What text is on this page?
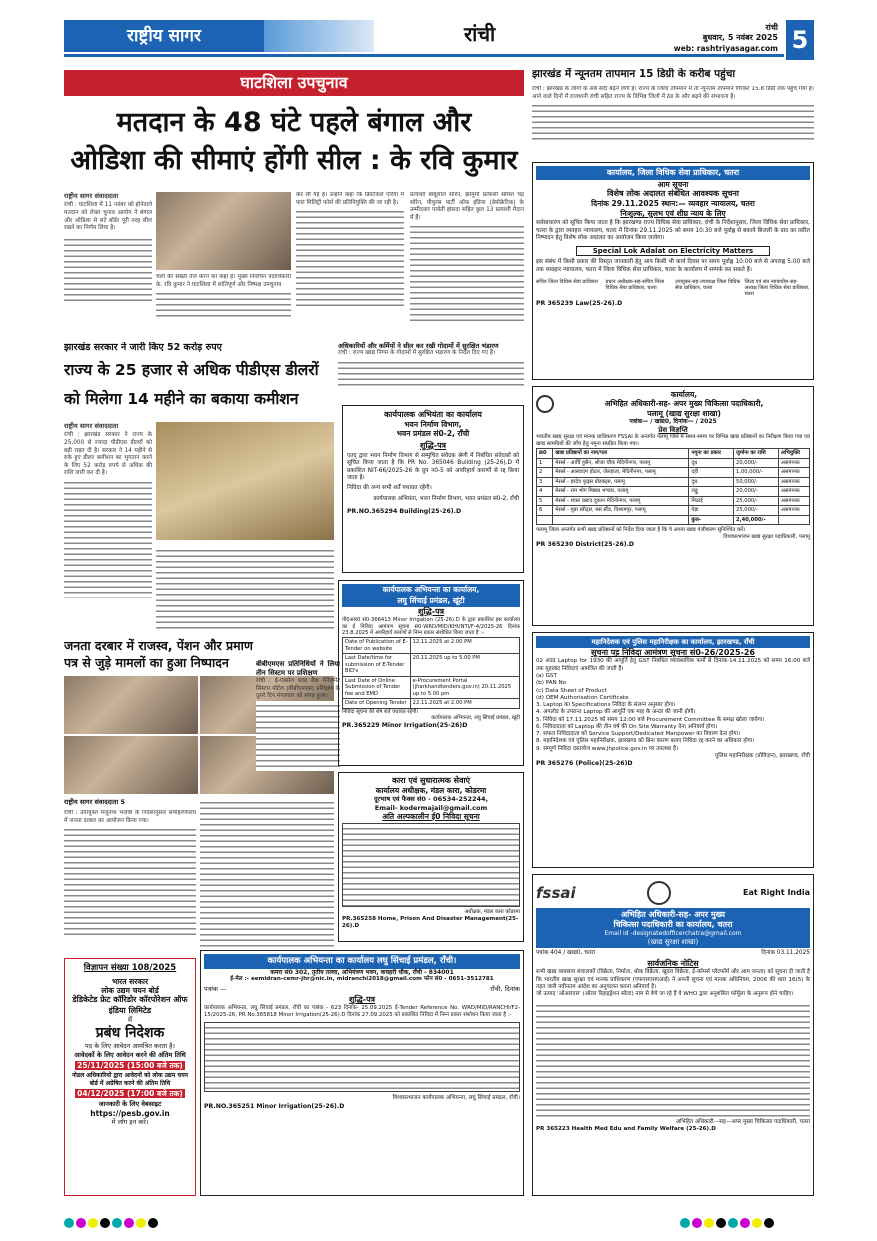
राष्ट्रीय सागर	रांची	रांची
बुधवार, 5 नवंबर 2025
web: rashtriyasagar.com 5
घाटशिला उपचुनाव
मतदान के 48 घंटे पहले बंगाल और
ओडिशा की सीमाएं होंगी सील : के रवि कुमार
राष्ट्रीय सागर संवाददाता
रांची : घाटशिला में 11 नवंबर को होनेवाले मतदान को लेकर चुनाव आयोग ने बंगाल और ओडिशा से सटे बॉर्डर पूरी तरह सील रखने का निर्णय लिया है।
चलों की सख्ती तेज करने को कहा है। मुख्य निर्वाचन पदाधिकारी के. रवि कुमार ने घाटशिला में शांतिपूर्ण और निष्पक्ष उपचुनाव
कर ली गई हैं। उन्होंने कहा कि क्रिटिकल एरिया में पारा मिलिट्री फोर्स की प्रतिनियुक्ति की जा रही है।
प्रत्याशी बाबूलाल सोरेन, झामुमो प्रत्याशी सोमेश चंद्र सोरेन, पीपुल्स पार्टी ऑफ इंडिया (डेमोक्रेटिक) के उम्मीदवार पार्वती हांसदा सहित कुल 13 प्रत्याशी मैदान में हैं।
झारखंड सरकार ने जारी किए 52 करोड़ रुपए
राज्य के 25 हजार से अधिक पीडीएस डीलरों
को मिलेगा 14 महीने का बकाया कमीशन
राष्ट्रीय सागर संवाददाता
रांची : झारखंड सरकार ने राज्य के 25,000 से ज्यादा पीडीएस डीलरों को बड़ी राहत दी है। सरकार ने 14 महीने से रुके हुए डीलर कमीशन का भुगतान करने के लिए 52 करोड़ रुपये से अधिक की राशि जारी कर दी है।
अधिकारियों और कर्मियों ने सील कर रखी गोदामों में सुरक्षित भंडारण
रांची : राज्य खाद्य निगम के गोदामों में सुरक्षित भंडारण के निर्देश दिए गए हैं।
कार्यपालक अभियंता का कार्यालय
भवन निर्माण विभाग,
भवन प्रमंडल सं0-2, राँची
शुद्धि-पत्र
एतद् द्वारा भवन निर्माण विभाग से सम्मुचित संवेदक श्रेणी में निबंधित संवेदकों को सूचित किया जाता है कि PR No. 365046 Building (25-26).D में प्रकाशित NIT-66/2025-26 के ग्रुप न0-5 को अपरिहार्य कारणों से रद्द किया जाता है।
निविदा की अन्य सभी शर्तें यथावत रहेंगी।
कार्यपालक अभियंता, भवन निर्माण विभाग, भवन प्रमंडल सं0-2, राँची
PR.NO.365294 Building(25-26).D
जनता दरबार में राजस्व, पेंशन और प्रमाण
पत्र से जुड़े मामलों का हुआ निष्पादन
राष्ट्रीय सागर संवाददाता 5
रांची : उपायुक्त मंजूनाथ भजंत्री के निर्देशानुसार समाहरणालय में जनता दरबार का आयोजन किया गया।
बीबीएमएस प्रतिनिधियों ने लिया तीन सिस्टम पर प्रशिक्षण
रांची : ई-एक्सेल ब्लड बैंक मैनेजमेंट सिस्टम पोर्टल (बीबीएमएस) प्रशिक्षण के दूसरे दिन मंगलवार को संपन्न हुआ।
कार्यपालक अभियन्ता का कार्यालय,
लघु सिंचाई प्रमंडल, खूंटी
शुद्धि-पत्र
पी0आर0 सं0-366413 Minor Irrigation (25-26).D के द्वारा प्रकाशित इस कार्यालय का ई निविदा आमंत्रण सूचना सं0-WRD/MID/KHUNTI/F-4/2025-26 दिनांक 23.8.2025 में अपरिहार्य कारणों से निम्न प्रकार संशोधित किया जाता है :-
Date of Publication of E-Tender on website	12.11.2025 at 2.00 PM
Last Date/time for submission of E-Tender BID's	20.11.2025 up to 5.00 PM
Last Date of Online Submission of Tender fee and EMD	e-Procurement Portal (jharkhandtenders.gov.in) 20.11.2025 up to 5.00 pm
Date of Opening Tender	22.11.2025 at 2.00 PM
निविदा सूचना की शेष शर्तें यथावत रहेंगी।
कार्यपालक अभियन्ता, लघु सिंचाई प्रमंडल, खूंटी
PR.365229 Minor Irrigation(25-26)D
कारा एवं सुधारात्मक सेवाएं
कार्यालय अधीक्षक, मंडल कारा, कोडरमा
दूरभाष एवं फैक्स सं0 - 06534-252244,
Email- kodermajail@gmail.com
अति अल्पकालीन ई0 निविदा सूचना
अधीक्षक, मंडल कारा कोडरमा
PR.365258 Home, Prison And Disaster Management(25-26).D
विज्ञापन संख्या 108/2025
भारत सरकार
लोक उद्यम चयन बोर्ड
डेडिकेटेड फ्रेट कॉरिडोर कॉरपोरेशन ऑफ इंडिया लिमिटेड
में
प्रबंध निदेशक
पद के लिए आवेदन आमंत्रित करता है।
आवेदकों के लिए आवेदन करने की अंतिम तिथि
25/11/2025 (15:00 बजे तक)
नोडल अधिकारियों द्वारा आवेदनों को लोक उद्यम चयन बोर्ड में अग्रेषित करने की अंतिम तिथि
04/12/2025 (17:00 बजे तक)
जानकारी के लिए वेबसाइट
https://pesb.gov.in
में लॉग इन करें।
कार्यपालक अभियन्ता का कार्यालय लघु सिंचाई प्रमंडल, राँची।
कमरा सं0 302, तृतीय तल्ला, अभियंत्रण भवन, कचहरी चौक, राँची - 834001
ई-मेल :- eemidran-cemr-jhr@nic.in, midranchi2018@gmail.com फोन सं0 - 0651-3512781
पत्रांक —	राँची, दिनांक
शुद्धि-पत्र
कार्यपालक अभियन्ता, लघु सिंचाई प्रमंडल, राँची का पत्रांक - 623 दिनांक- 25.09.2025 ई-Tender Reference No. WRD/MID/RANCHI/F2-15/2025-26, PR No.365818 Minor Irrigation(25-26).D दिनांक 27.09.2025 को प्रकाशित निविदा में निम्न प्रकार संशोधन किया जाता है :-
विश्वासभाजन कार्यपालक अभियन्ता, लघु सिंचाई प्रमंडल, राँची।
PR.NO.365251 Minor Irrigation(25-26).D
झारखंड में न्यूनतम तापमान 15 डिग्री के करीब पहुंचा
रांची : झारखंड के लोगों के अब सर्दी बढ़ने लगी है। राज्य के जिला तापमान में तो न्यूनतम तापमान गिरकर 15.8 डिग्री तक पहुंच गया है। आने वाले दिनों में राजधानी रांची सहित राज्य के विभिन्न जिलों में ठंड के और बढ़ने की संभावना है।
कार्यालय, जिला विधिक सेवा प्राधिकार, चतरा
आम सूचना
विशेष लोक अदालत संबंधित आवश्यक सूचना
दिनांक 29.11.2025 स्थान:— व्यवहार न्यायालय, चतरा
निःशुल्क, सुलभ एवं शीघ्र न्याय के लिए
सर्वसाधारण को सूचित किया जाता है कि झारखण्ड राज्य विधिक सेवा प्राधिकार, रांची के निर्देशानुसार, जिला विधिक सेवा प्राधिकार, चतरा के द्वारा व्यवहार न्यायालय, चतरा में दिनांक 29.11.2025 को समय 10:30 बजे पूर्वाह्न से बकाये बिजली के वाद का त्वरित निष्पादन हेतु विशेष लोक अदालत का आयोजन किया जायेगा।
Special Lok Adalat on Electricity Matters
इस संबंध में किसी प्रकार की विस्तृत जानकारी हेतु आप किसी भी कार्य दिवस पर समय पूर्वाह्न 10:00 बजे से अपराह्न 5:00 बजे तक व्यवहार न्यायालय, चतरा में जिला विधिक सेवा प्राधिकार, चतरा के कार्यालय में सम्पर्क कर सकते हैं।
सचिव जिला विधिक सेवा प्राधिकार	प्रधान अधीक्षक-सह-सचिव जिला विधिक सेवा प्राधिकार, चतरा
उपायुक्त-सह-उपाध्यक्ष जिला विधिक सेवा प्राधिकार, चतरा
जिला एवं सत्र न्यायाधीश-सह-अध्यक्ष जिला विधिक सेवा प्राधिकार, चतरा
PR 365239 Law(25-26).D
कार्यालय,
अभिहित अधिकारी-सह- अपर मुख्य चिकित्सा पदाधिकारी,
पलामू (खाद्य सुरक्षा शाखा)
पत्रांक— / खाद्य0, दिनांक— / 2025
प्रेस विज्ञप्ति
भारतीय खाद्य सुरक्षा एवं मानक प्राधिकरण FSSAI के अन्तर्गत पलामू जिले में समय-समय पर विभिन्न खाद्य प्रतिष्ठानों का निरीक्षण किया गया एवं खाद्य सामग्रियों की जाँच हेतु नमूना संग्रहित किया गया।
क्र0	खाद्य प्रतिष्ठानों का नाम/पता	नमूना का प्रकार	जुर्माना का राशि	अभियुक्ति
1	मेसर्स - आर्चि हुसैन, श्रीजा चौक मेदिनीनगर, पलामू	दूध	20,000/-	असमानक
2	मेसर्स - आस्वादम होटल, जेलहाता, मेदिनीनगर, पलामू	दही	1,00,000/-	असमानक
3	मेसर्स - हरदेव फूड्स प्रोडक्ट्स, पलामू	दूध	50,000/-	असमानक
4	मेसर्स - राम भोग मिष्ठान्न भण्डार, पलामू	लड्डू	20,000/-	असमानक
5	मेसर्स - शंकर प्रसाद दुकान मेदिनीनगर, पलामू	मिठाई	25,000/-	असमानक
6	मेसर्स - मुन्ना स्वीट्स, बस स्टैंड, विश्रामपुर, पलामू	पेड़ा	25,000/-	असमानक
		कुल-	2,40,000/-	
पलामू जिला अन्तर्गत सभी खाद्य प्रतिष्ठानों को निर्देश दिया जाता है कि वे अपना खाद्य पंजीकरण सुनिश्चित करें।
विश्वासभाजन खाद्य सुरक्षा पदाधिकारी, पलामू
PR 365230 District(25-26).D
महानिदेशक एवं पुलिस महानिरीक्षक का कार्यालय, झारखण्ड, राँची
सूचना पट्ट निविदा आमंत्रण सूचना सं0-26/2025-26
02 अदद Laptop for 1930 की आपूर्ति हेतु GST निबंधित व्यावसायिक फर्मों से दिनांक-14.11.2025 को समय 16:00 बजे तक मुहरबंद निविदाएं आमंत्रित की जाती हैं।
(a) GST
(b) PAN No
(c) Data Sheet of Product
(d) OEM Authorisation Certificate
3. Laptop का Specifications निविदा के संलग्न अनुसार होगा।
4. अपलोड के उपरान्त Laptop की आपूर्ति एक माह के अन्दर की जानी होगी।
5. निविदा को 17.11.2025 को समय 12:00 बजे Procurement Committee के समक्ष खोला जायेगा।
6. निविदादाता को Laptop की तीन वर्ष की On Site Warranty देना अनिवार्य होगा।
7. सफल निविदादाता को Service Support/Dedicated Manpower का विवरण देना होगा।
8. महानिदेशक एवं पुलिस महानिरीक्षक, झारखण्ड को बिना कारण बताए निविदा रद्द करने का अधिकार होगा।
9. सम्पूर्ण निविदा दस्तावेज www.jhpolice.gov.in पर उपलब्ध है।
पुलिस महानिरीक्षक (प्रोविज़न), झारखण्ड, राँची
PR 365276 (Police)(25-26)D
fssai	Eat Right India
अभिहित अधिकारी-सह- अपर मुख्य
चिकित्सा पदाधिकारी का कार्यालय, चतरा
Email id -designatedofficerchatra@gmail.com
(खाद्य सुरक्षा शाखा)
पत्रांक 404 / खाद्य0, चतरा	दिनांक 03.11.2025
सार्वजनिक नोटिस
सभी खाद्य व्यवसाय संचालकों (विक्रेता, निर्माता, थोक विक्रेता, खुदरा विक्रेता, ई-कॉमर्स प्लेटफॉर्म और आम जनता) को सूचना दी जाती है कि भारतीय खाद्य सुरक्षा एवं मानक प्राधिकरण (एफएसएसएआई) ने अपनी सूचना एवं मानक अधिनियम, 2006 की धारा 16(5) के तहत जारी नवीनतम आदेश का अनुपालन करना अनिवार्य है।
जो उत्पाद 'ओआरएस' (ओरल रिहाइड्रेशन सॉल्ट) नाम से बेचे जा रहे हैं वे WHO द्वारा अनुशंसित फॉर्मूला के अनुरूप होने चाहिए।
अभिहित अधिकारी—सह—अपर मुख्य चिकित्सा पदाधिकारी, चतरा
PR 365223 Health Med Edu and Family Welfare (25-26).D
